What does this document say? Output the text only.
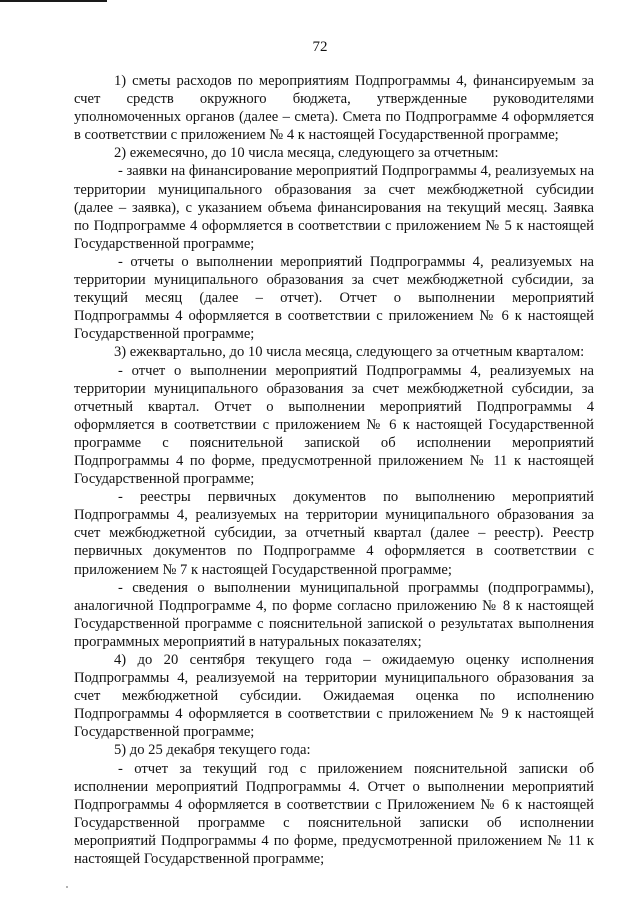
72
1) сметы расходов по мероприятиям Подпрограммы 4, финансируемым за
счет средств окружного бюджета, утвержденные руководителями
уполномоченных органов (далее – смета). Смета по Подпрограмме 4 оформляется
в соответствии с приложением № 4 к настоящей Государственной программе;
2) ежемесячно, до 10 числа месяца, следующего за отчетным:
- заявки на финансирование мероприятий Подпрограммы 4, реализуемых на
территории муниципального образования за счет межбюджетной субсидии
(далее – заявка), с указанием объема финансирования на текущий месяц. Заявка
по Подпрограмме 4 оформляется в соответствии с приложением № 5 к настоящей
Государственной программе;
- отчеты о выполнении мероприятий Подпрограммы 4, реализуемых на
территории муниципального образования за счет межбюджетной субсидии, за
текущий месяц (далее – отчет). Отчет о выполнении мероприятий
Подпрограммы 4 оформляется в соответствии с приложением № 6 к настоящей
Государственной программе;
3) ежеквартально, до 10 числа месяца, следующего за отчетным кварталом:
- отчет о выполнении мероприятий Подпрограммы 4, реализуемых на
территории муниципального образования за счет межбюджетной субсидии, за
отчетный квартал. Отчет о выполнении мероприятий Подпрограммы 4
оформляется в соответствии с приложением № 6 к настоящей Государственной
программе с пояснительной запиской об исполнении мероприятий
Подпрограммы 4 по форме, предусмотренной приложением № 11 к настоящей
Государственной программе;
- реестры первичных документов по выполнению мероприятий
Подпрограммы 4, реализуемых на территории муниципального образования за
счет межбюджетной субсидии, за отчетный квартал (далее – реестр). Реестр
первичных документов по Подпрограмме 4 оформляется в соответствии с
приложением № 7 к настоящей Государственной программе;
- сведения о выполнении муниципальной программы (подпрограммы),
аналогичной Подпрограмме 4, по форме согласно приложению № 8 к настоящей
Государственной программе с пояснительной запиской о результатах выполнения
программных мероприятий в натуральных показателях;
4) до 20 сентября текущего года – ожидаемую оценку исполнения
Подпрограммы 4, реализуемой на территории муниципального образования за
счет межбюджетной субсидии. Ожидаемая оценка по исполнению
Подпрограммы 4 оформляется в соответствии с приложением № 9 к настоящей
Государственной программе;
5) до 25 декабря текущего года:
- отчет за текущий год с приложением пояснительной записки об
исполнении мероприятий Подпрограммы 4. Отчет о выполнении мероприятий
Подпрограммы 4 оформляется в соответствии с Приложением № 6 к настоящей
Государственной программе с пояснительной записки об исполнении
мероприятий Подпрограммы 4 по форме, предусмотренной приложением № 11 к
настоящей Государственной программе;
